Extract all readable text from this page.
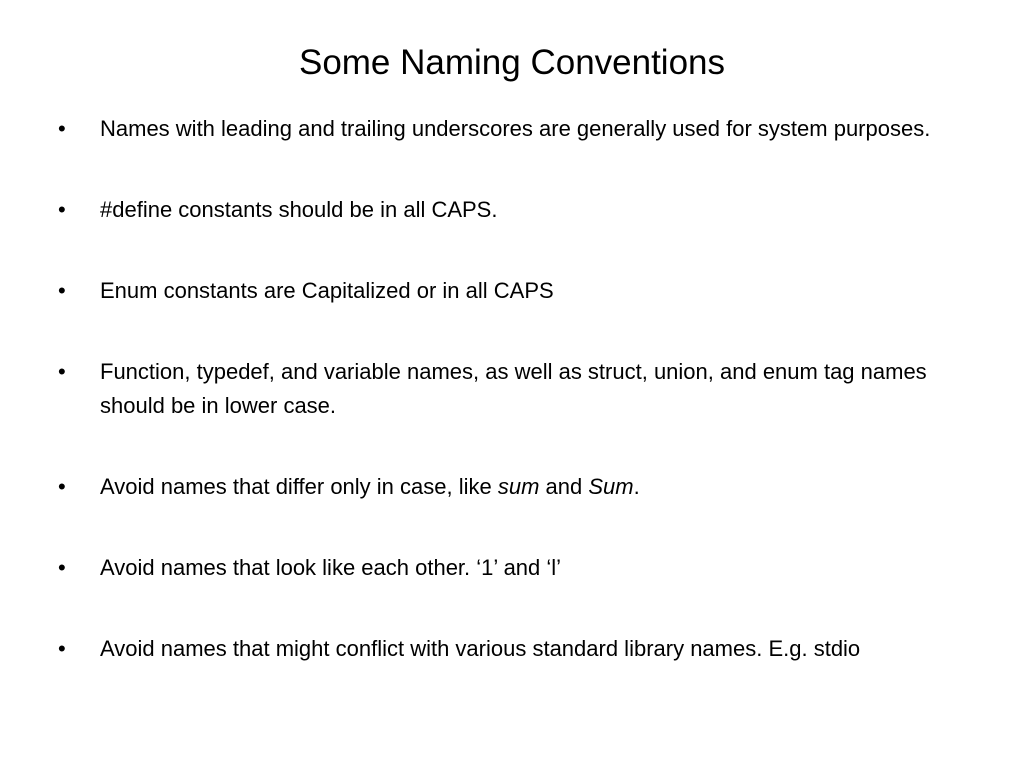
Some Naming Conventions
•	Names with leading and trailing underscores are generally used for system purposes.
•	#define constants should be in all CAPS.
•	Enum constants are Capitalized or in all CAPS
•	Function, typedef, and variable names, as well as struct, union, and enum tag names should be in lower case.
•	Avoid names that differ only in case, like sum and Sum.
•	Avoid names that look like each other. ‘1’ and ‘l’
•	Avoid names that might conflict with various standard library names. E.g. stdio
